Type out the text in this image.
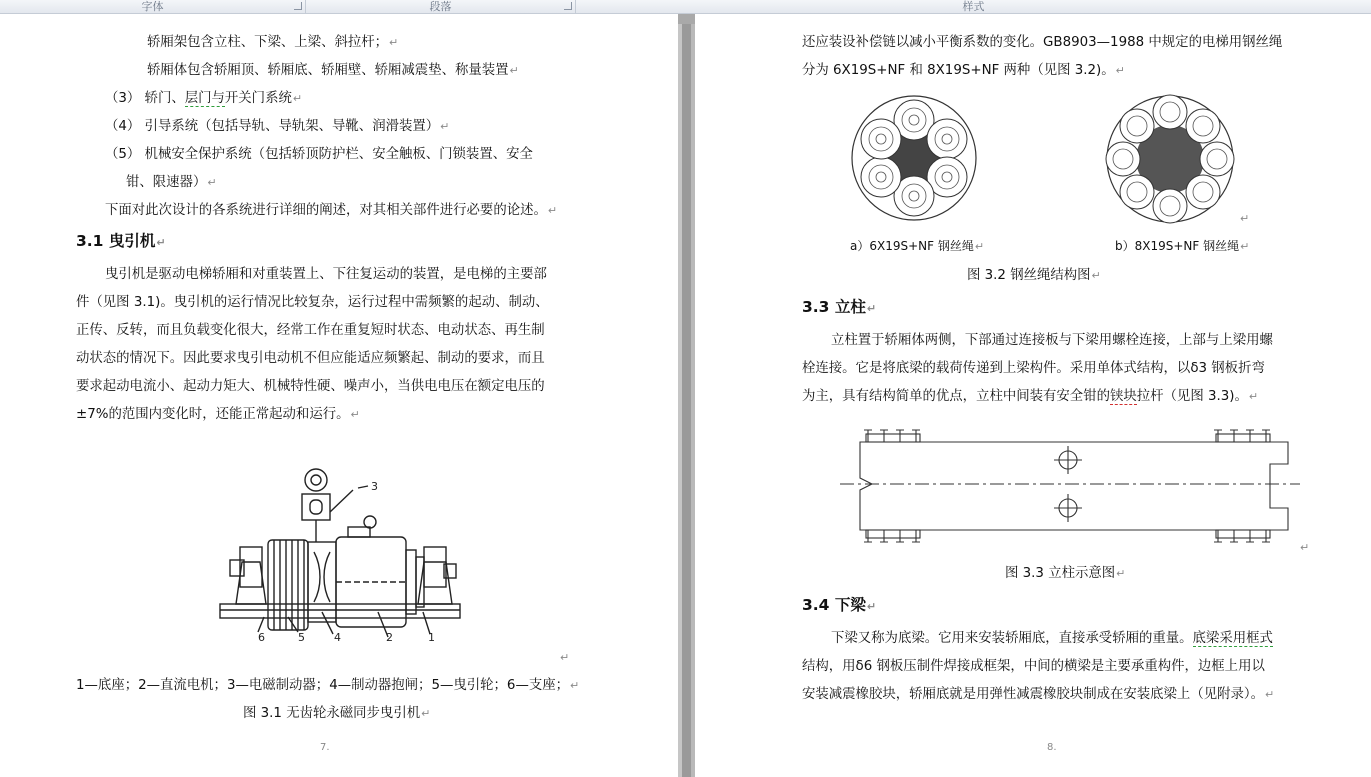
字体	段落	样式
轿厢架包含立柱、下梁、上梁、斜拉杆；↵
轿厢体包含轿厢顶、轿厢底、轿厢壁、轿厢减震垫、称量装置↵
（3） 轿门、层门与开关门系统↵
（4） 引导系统（包括导轨、导轨架、导靴、润滑装置）↵
（5） 机械安全保护系统（包括轿顶防护栏、安全触板、门锁装置、安全
钳、限速器）↵
下面对此次设计的各系统进行详细的阐述，对其相关部件进行必要的论述。↵
3.1 曳引机↵
曳引机是驱动电梯轿厢和对重装置上、下往复运动的装置，是电梯的主要部
件（见图 3.1)。曳引机的运行情况比较复杂，运行过程中需频繁的起动、制动、
正传、反转，而且负载变化很大，经常工作在重复短时状态、电动状态、再生制
动状态的情况下。因此要求曳引电动机不但应能适应频繁起、制动的要求，而且
要求起动电流小、起动力矩大、机械特性硬、噪声小，当供电电压在额定电压的
±7%的范围内变化时，还能正常起动和运行。↵
3
6	5	4	2	1
↵
1—底座；2—直流电机；3—电磁制动器；4—制动器抱闸；5—曳引轮；6—支座；↵
图 3.1 无齿轮永磁同步曳引机↵
7.
还应装设补偿链以减小平衡系数的变化。GB8903—1988 中规定的电梯用钢丝绳
分为 6X19S+NF 和 8X19S+NF 两种（见图 3.2)。↵
↵
a）6X19S+NF 钢丝绳↵	b）8X19S+NF 钢丝绳↵
图 3.2 钢丝绳结构图↵
3.3 立柱↵
立柱置于轿厢体两侧，下部通过连接板与下梁用螺栓连接，上部与上梁用螺
栓连接。它是将底梁的载荷传递到上梁构件。采用单体式结构，以δ3 钢板折弯
为主，具有结构简单的优点，立柱中间装有安全钳的铗块拉杆（见图 3.3)。↵
↵
图 3.3 立柱示意图↵
3.4 下梁↵
下梁又称为底梁。它用来安装轿厢底，直接承受轿厢的重量。底梁采用框式
结构，用δ6 钢板压制件焊接成框架，中间的横梁是主要承重构件，边框上用以
安装减震橡胶块，轿厢底就是用弹性减震橡胶块制成在安装底梁上（见附录）。↵
8.
